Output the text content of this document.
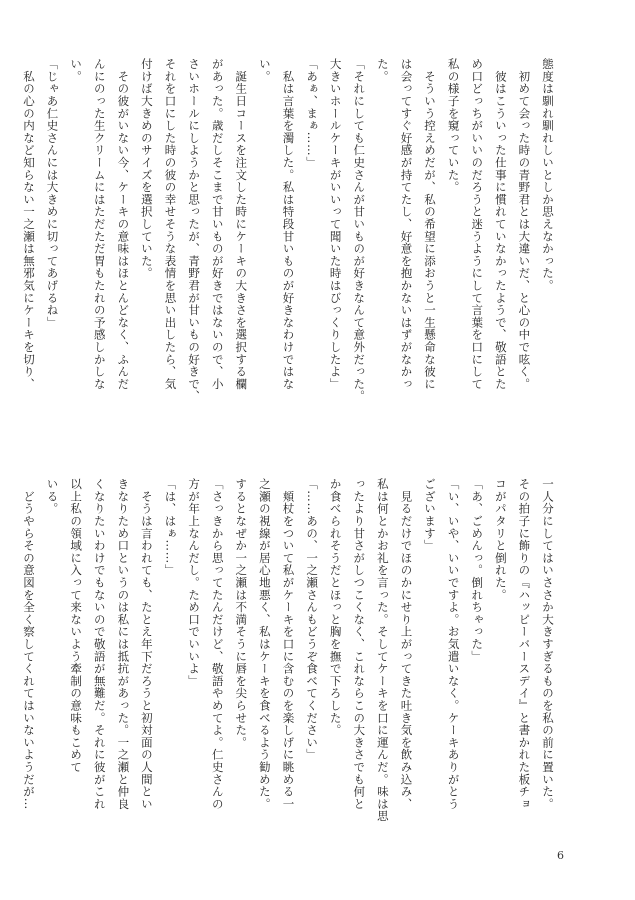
態度は馴れ馴れしいとしか思えなかった。
　初めて会った時の青野君とは大違いだ、と心の中で呟く。
　彼はこういった仕事に慣れていなかったようで、敬語とた
め口どっちがいいのだろうと迷うようにして言葉を口にして
私の様子を窺っていた。
　そういう控えめだが、私の希望に添おうと一生懸命な彼に
は会ってすぐ好感が持てたし、好意を抱かないはずがなかっ
た。
「それにしても仁史さんが甘いものが好きなんて意外だった。
大きいホールケーキがいいって聞いた時はびっくりしたよ」
「あぁ、まぁ……」
　私は言葉を濁した。私は特段甘いものが好きなわけではな
い。
　誕生日コースを注文した時にケーキの大きさを選択する欄
があった。歳だしそこまで甘いものが好きではないので、小
さいホールにしようかと思ったが、青野君が甘いもの好きで、
それを口にした時の彼の幸せそうな表情を思い出したら、気
付けば大きめのサイズを選択していた。
　その彼がいない今、ケーキの意味はほとんどなく、ふんだ
んにのった生クリームにはただただ胃もたれの予感しかしな
い。
「じゃあ仁史さんには大きめに切ってあげるね」
　私の心の内など知らない一之瀬は無邪気にケーキを切り、
一人分にしてはいささか大きすぎるものを私の前に置いた。
その拍子に飾りの『ハッピーバースデイ』と書かれた板チョ
コがパタリと倒れた。
「あ、ごめんっ。倒れちゃった」
「い、いや、いいですよ。お気遣いなく。ケーキありがとう
ございます」
　見るだけでほのかにせり上がってきた吐き気を飲み込み、
私は何とかお礼を言った。そしてケーキを口に運んだ。味は思
ったより甘さがしつこくなく、これならこの大きさでも何と
か食べられそうだとほっと胸を撫で下ろした。
「……あの、一之瀬さんもどうぞ食べてください」
　頬杖をついて私がケーキを口に含むのを楽しげに眺める一
之瀬の視線が居心地悪く、私はケーキを食べるよう勧めた。
するとなぜか一之瀬は不満そうに唇を尖らせた。
「さっきから思ってたんだけど、敬語やめてよ。仁史さんの
方が年上なんだし。ため口でいいよ」
「は、はぁ……」
　そうは言われても、たとえ年下だろうと初対面の人間とい
きなりため口というのは私には抵抗があった。一之瀬と仲良
くなりたいわけでもないので敬語が無難だ。それに彼がこれ
以上私の領域に入って来ないよう牽制の意味もこめて
いる。
　どうやらその意図を全く察してくれてはいないようだが…
6
